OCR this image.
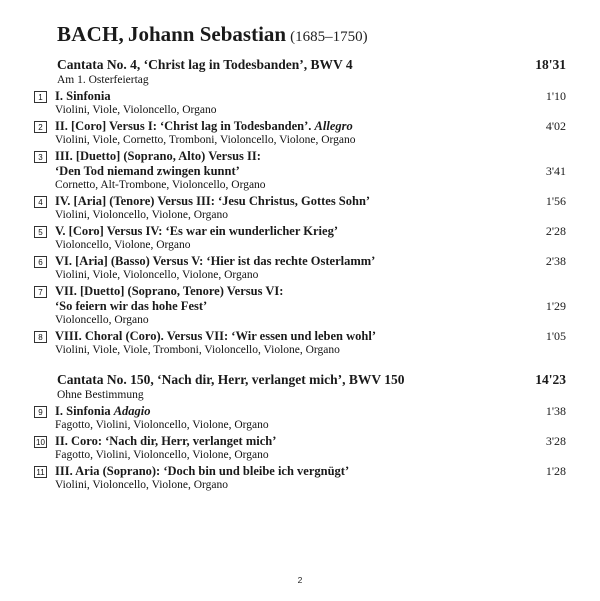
BACH, Johann Sebastian (1685–1750)
Cantata No. 4, ‘Christ lag in Todesbanden’, BWV 4	18'31
Am 1. Osterfeiertag
1 I. Sinfonia	1'10
Violini, Viole, Violoncello, Organo
2 II. [Coro] Versus I: ‘Christ lag in Todesbanden’. Allegro	4'02
Violini, Viole, Cornetto, Tromboni, Violoncello, Violone, Organo
3 III. [Duetto] (Soprano, Alto) Versus II:
‘Den Tod niemand zwingen kunnt’	3'41
Cornetto, Alt-Trombone, Violoncello, Organo
4 IV. [Aria] (Tenore) Versus III: ‘Jesu Christus, Gottes Sohn’	1'56
Violini, Violoncello, Violone, Organo
5 V. [Coro] Versus IV: ‘Es war ein wunderlicher Krieg’	2'28
Violoncello, Violone, Organo
6 VI. [Aria] (Basso) Versus V: ‘Hier ist das rechte Osterlamm’	2'38
Violini, Viole, Violoncello, Violone, Organo
7 VII. [Duetto] (Soprano, Tenore) Versus VI:
‘So feiern wir das hohe Fest’	1'29
Violoncello, Organo
8 VIII. Choral (Coro). Versus VII: ‘Wir essen und leben wohl’	1'05
Violini, Viole, Viole, Tromboni, Violoncello, Violone, Organo
Cantata No. 150, ‘Nach dir, Herr, verlanget mich’, BWV 150	14'23
Ohne Bestimmung
9 I. Sinfonia Adagio	1'38
Fagotto, Violini, Violoncello, Violone, Organo
10 II. Coro: ‘Nach dir, Herr, verlanget mich’	3'28
Fagotto, Violini, Violoncello, Violone, Organo
11 III. Aria (Soprano): ‘Doch bin und bleibe ich vergnügt’	1'28
Violini, Violoncello, Violone, Organo
2
